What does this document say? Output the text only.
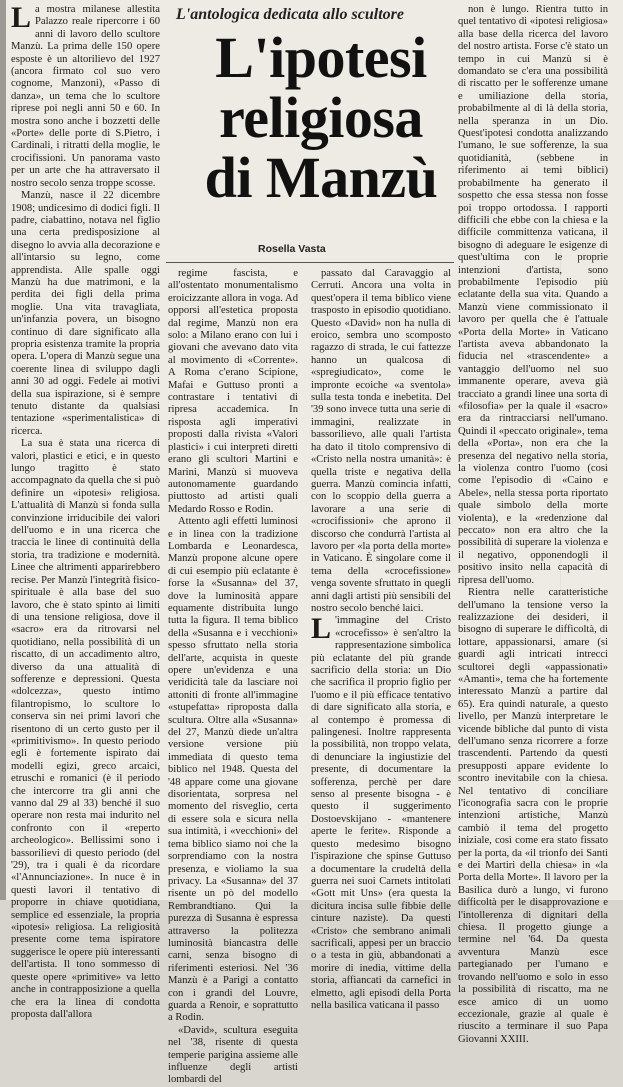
La mostra milanese allestita Palazzo reale ripercorre i 60 anni di lavoro dello scultore Manzù. La prima delle 150 opere esposte è un altorilievo del 1927 (ancora firmato col suo vero cognome, Manzoni), «Passo di danza», un tema che lo scultore riprese poi negli anni 50 e 60. In mostra sono anche i bozzetti delle «Porte» delle porte di S.Pietro, i Cardinali, i ritratti della moglie, le crocifissioni. Un panorama vasto per un arte che ha attraversato il nostro secolo senza troppe scosse.

Manzù, nasce il 22 dicembre 1908; undicesimo di dodici figli. Il padre, ciabattino, notava nel figlio una certa predisposizione al disegno lo avvia alla decorazione e all'intarsio su legno, come apprendista. Alle spalle oggi Manzù ha due matrimoni, e la perdita dei figli della prima moglie. Una vita travagliata, un'infanzia povera, un bisogno continuo di dare significato alla propria esistenza tramite la propria opera. L'opera di Manzù segue una coerente linea di sviluppo dagli anni 30 ad oggi. Fedele ai motivi della sua ispirazione, si è sempre tenuto distante da qualsiasi tentazione «sperimentalistica» di ricerca.

La sua è stata una ricerca di valori, plastici e etici, e in questo lungo tragitto è stato accompagnato da quella che si può definire un «ipotesi» religiosa. L'attualità di Manzù si fonda sulla convinzione irriducibile dei valori dell'uomo e in una ricerca che traccia le linee di continuità della storia, tra tradizione e modernità. Linee che altrimenti apparirebbero recise. Per Manzù l'integrità fisico-spirituale è alla base del suo lavoro, che è stato spinto ai limiti di una tensione religiosa, dove il «sacro» era da ritrovarsi nel quotidiano, nella possibilità di un riscatto, di un accadimento altro, diverso da una attualità di sofferenze e depressioni. Questa «dolcezza», questo intimo filantropismo, lo scultore lo conserva sin nei primi lavori che risentono di un certo gusto per il «primitivismo». In questo periodo egli è fortemente ispirato dai modelli egizi, greco arcaici, etruschi e romanici (è il periodo che intercorre tra gli anni che vanno dal 29 al 33) benché il suo operare non resta mai indurito nel confronto con il «reperto archeologico». Bellissimi sono i bassorilievi di questo periodo (del '29), tra i quali è da ricordare «l'Annunciazione». In nuce è in questi lavori il tentativo di proporre in chiave quotidiana, semplice ed essenziale, la propria «ipotesi» religiosa. La religiosità presente come tema ispiratore suggerisce le opere più interessanti dell'artista. Il tono sommesso di queste opere «primitive» va letto anche in contrapposizione a quella che era la linea di condotta proposta dall'allora

L'antologica dedicata allo scultore

L'ipotesi
religiosa
di Manzù

Rosella Vasta

regime fascista, e all'ostentato monumentalismo eroicizzante allora in voga. Ad opporsi all'estetica proposta dal regime, Manzù non era solo: a Milano erano con lui i giovani che avevano dato vita al movimento di «Corrente». A Roma c'erano Scipione, Mafai e Guttuso pronti a contrastare i tentativi di ripresa accademica. In risposta agli imperativi proposti dalla rivista «Valori plastici» i cui interpreti diretti erano gli scultori Martini e Marini, Manzù si muoveva autonomamente guardando piuttosto ad artisti quali Medardo Rosso e Rodin.

Attento agli effetti luminosi e in linea con la tradizione Lombarda e Leonardesca, Manzù propone alcune opere di cui esempio più eclatante è forse la «Susanna» del 37, dove la luminosità appare equamente distribuita lungo tutta la figura. Il tema biblico della «Susanna e i vecchioni» spesso sfruttato nella storia dell'arte, acquista in queste opere un'evidenza e una veridicità tale da lasciare noi attoniti di fronte all'immagine «stupefatta» riproposta dalla scultura. Oltre alla «Susanna» del 27, Manzù diede un'altra versione versione più immediata di questo tema biblico nel 1948. Questa del '48 appare come una giovane disorientata, sorpresa nel momento del risveglio, certa di essere sola e sicura nella sua intimità, i «vecchioni» del tema biblico siamo noi che la sorprendiamo con la nostra presenza, e violiamo la sua privacy. La «Susanna» del 37 risente un pò del modello Rembrandtiano. Qui la purezza di Susanna è espressa attraverso la politezza luminosità biancastra delle carni, senza bisogno di riferimenti esteriosi. Nel '36 Manzù è a Parigi a contatto con i grandi del Louvre, guarda a Renoir, e soprattutto a Rodin.

«David», scultura eseguita nel '38, risente di questa temperie parigina assieme alle influenze degli artisti lombardi del

passato dal Caravaggio al Cerruti. Ancora una volta in quest'opera il tema biblico viene trasposto in episodio quotidiano. Questo «David» non ha nulla di eroico, sembra uno scomposto ragazzo di strada, le cui fattezze hanno un qualcosa di «spregiudicato», come le impronte ecoiche «a sventola» sulla testa tonda e inebetita. Del '39 sono invece tutta una serie di immagini, realizzate in bassorilievo, alle quali l'artista ha dato il titolo comprensivo di «Cristo nella nostra umanità»: è quella triste e negativa della guerra. Manzù comincia infatti, con lo scoppio della guerra a lavorare a una serie di «crocifissioni» che aprono il discorso che condurrà l'artista al lavoro per «la porta della morte» in Vaticano. È singolare come il tema della «crocefissione» venga sovente sfruttato in quegli anni dagli artisti più sensibili del nostro secolo benché laici.

L 'immagine del Cristo «crocefisso» è sen'altro la rappresentazione simbolica più eclatante del più grande sacrificio della storia: un Dio che sacrifica il proprio figlio per l'uomo e il più efficace tentativo di dare significato alla storia, e al contempo è promessa di palingenesi. Inoltre rappresenta la possibilità, non troppo velata, di denunciare la ingiustizie del presente, di documentare la sofferenza, perchè per dare senso al presente bisogna - è questo il suggerimento Dostoevskijano - «mantenere aperte le ferite». Risponde a questo medesimo bisogno l'ispirazione che spinse Guttuso a documentare la crudeltà della guerra nei suoi Carnets intitolati «Gott mit Uns» (era questa la dicitura incisa sulle fibbie delle cinture naziste). Da questi «Cristo» che sembrano animali sacrificali, appesi per un braccio o a testa in giù, abbandonati a morire di inedia, vittime della storia, affiancati da carnefici in elmetto, agli episodi della Porta nella basilica vaticana il passo

non è lungo. Rientra tutto in quel tentativo di «ipotesi religiosa» alla base della ricerca del lavoro del nostro artista. Forse c'è stato un tempo in cui Manzù si è domandato se c'era una possibilità di riscatto per le sofferenze umane e umiliazione della storia, probabilmente al di là della storia, nella speranza in un Dio. Quest'ipotesi condotta analizzando l'umano, le sue sofferenze, la sua quotidianità, (sebbene in riferimento ai temi biblici) probabilmente ha generato il sospetto che essa stessa non fosse poi troppo ortodossa. I rapporti difficili che ebbe con la chiesa e la difficile committenza vaticana, il bisogno di adeguare le esigenze di quest'ultima con le proprie intenzioni d'artista, sono probabilmente l'episodio più eclatante della sua vita. Quando a Manzù viene commissionato il lavoro per quella che è l'attuale «Porta della Morte» in Vaticano l'artista aveva abbandonato la fiducia nel «trascendente» a vantaggio dell'uomo nel suo immanente operare, aveva già tracciato a grandi linee una sorta di «filosofia» per la quale il «sacro» era da rintracciarsi nell'umano. Quindi il «peccato originale», tema della «Porta», non era che la presenza del negativo nella storia, la violenza contro l'uomo (così come l'episodio di «Caino e Abele», nella stessa porta riportato quale simbolo della morte violenta), e la «redenzione dal peccato» non era altro che la possibilità di superare la violenza e il negativo, opponendogli il positivo insito nella capacità di ripresa dell'uomo.

Rientra nelle caratteristiche dell'umano la tensione verso la realizzazione dei desideri, il bisogno di superare le difficoltà, di lottare, appassionarsi, amare (si guardi agli intricati intrecci scultorei degli «appassionati» «Amanti», tema che ha fortemente interessato Manzù a partire dal 65). Era quindi naturale, a questo livello, per Manzù interpretare le vicende bibliche dal punto di vista dell'umano senza ricorrere a forze trascendenti. Partendo da questi presupposti appare evidente lo scontro inevitabile con la chiesa. Nel tentativo di conciliare l'iconografia sacra con le proprie intenzioni artistiche, Manzù cambiò il tema del progetto iniziale, così come era stato fissato per la porta, da «il trionfo dei Santi e dei Martiri della chiesa» in «la Porta della Morte». Il lavoro per la Basilica durò a lungo, vi furono difficoltà per le disapprovazione e l'intollerenza di dignitari della chiesa. Il progetto giunge a termine nel '64. Da questa avventura Manzù esce partegianado per l'umano e trovando nell'uomo e solo in esso la possibilità di riscatto, ma ne esce amico di un uomo eccezionale, grazie al quale è riuscito a terminare il suo Papa Giovanni XXIII.
